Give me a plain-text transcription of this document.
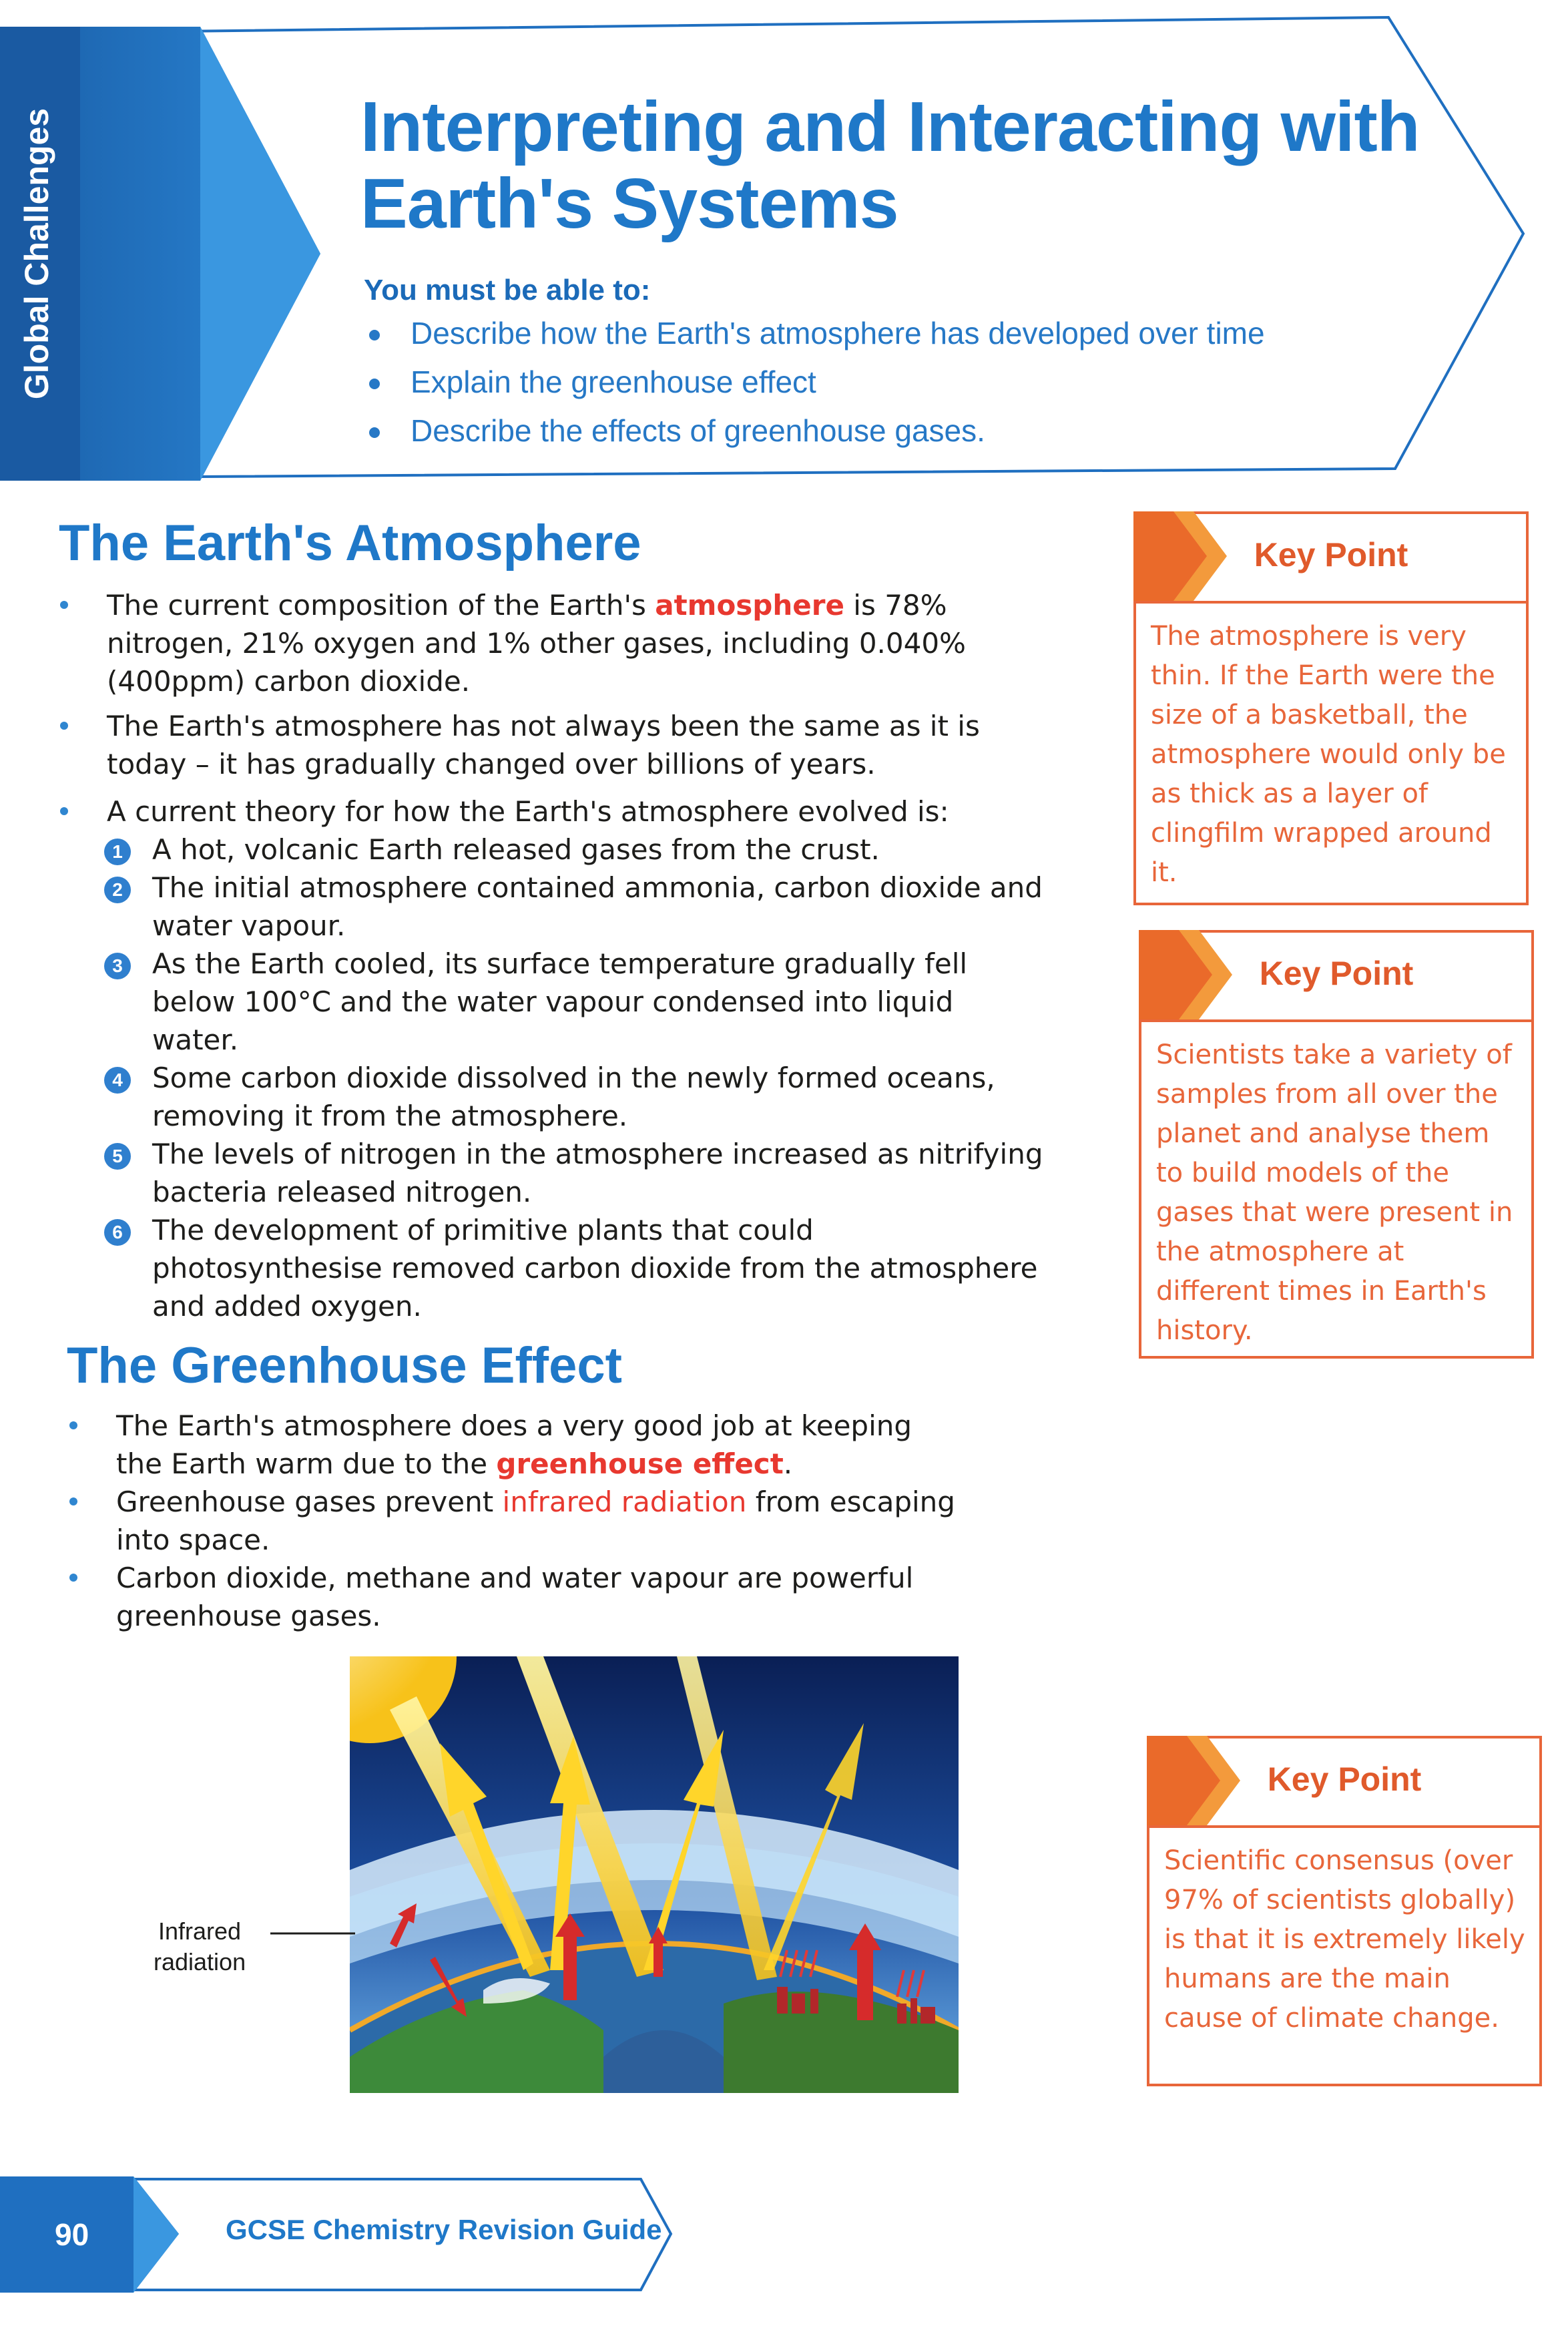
Global Challenges	Interpreting and Interacting with
Earth's Systems
You must be able to:
Describe how the Earth's atmosphere has developed over time
Explain the greenhouse effect
Describe the effects of greenhouse gases.
The Earth's Atmosphere
The current composition of the Earth's atmosphere is 78% nitrogen, 21% oxygen and 1% other gases, including 0.040% (400ppm) carbon dioxide.
The Earth's atmosphere has not always been the same as it is today – it has gradually changed over billions of years.
A current theory for how the Earth's atmosphere evolved is:
1 A hot, volcanic Earth released gases from the crust.
2 The initial atmosphere contained ammonia, carbon dioxide and water vapour.
3 As the Earth cooled, its surface temperature gradually fell below 100°C and the water vapour condensed into liquid water.
4 Some carbon dioxide dissolved in the newly formed oceans, removing it from the atmosphere.
5 The levels of nitrogen in the atmosphere increased as nitrifying bacteria released nitrogen.
6 The development of primitive plants that could photosynthesise removed carbon dioxide from the atmosphere and added oxygen.
The Greenhouse Effect
The Earth's atmosphere does a very good job at keeping the Earth warm due to the greenhouse effect.
Greenhouse gases prevent infrared radiation from escaping into space.
Carbon dioxide, methane and water vapour are powerful greenhouse gases.
Infrared
radiation
Key Point
The atmosphere is very thin. If the Earth were the size of a basketball, the atmosphere would only be as thick as a layer of clingfilm wrapped around it.
Key Point
Scientists take a variety of samples from all over the planet and analyse them to build models of the gases that were present in the atmosphere at different times in Earth's history.
Key Point
Scientific consensus (over 97% of scientists globally) is that it is extremely likely humans are the main cause of climate change.
90	GCSE Chemistry Revision Guide
